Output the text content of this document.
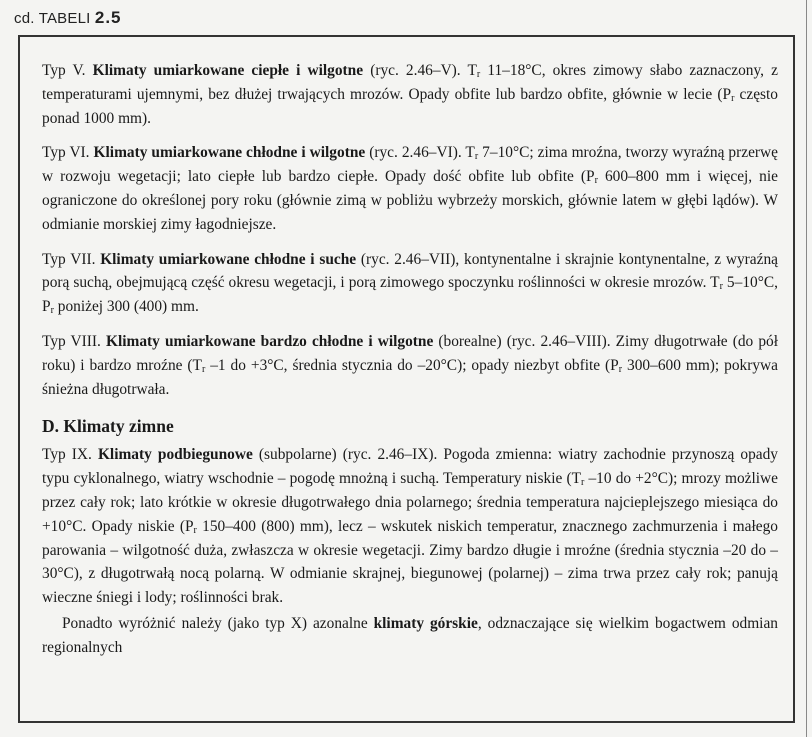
cd. TABELI 2.5

Typ V. Klimaty umiarkowane ciepłe i wilgotne (ryc. 2.46–V). $T_r$ 11–18°C, okres zimowy słabo zaznaczony, z temperaturami ujemnymi, bez dłużej trwających mrozów. Opady obfite lub bardzo obfite, głównie w lecie ($P_r$ często ponad 1000 mm).

Typ VI. Klimaty umiarkowane chłodne i wilgotne (ryc. 2.46–VI). $T_r$ 7–10°C; zima mroźna, tworzy wyraźną przerwę w rozwoju wegetacji; lato ciepłe lub bardzo ciepłe. Opady dość obfite lub obfite ($P_r$ 600–800 mm i więcej, nie ograniczone do określonej pory roku (głównie zimą w pobliżu wybrzeży morskich, głównie latem w głębi lądów). W odmianie morskiej zimy łagodniejsze.

Typ VII. Klimaty umiarkowane chłodne i suche (ryc. 2.46–VII), kontynentalne i skrajnie kontynentalne, z wyraźną porą suchą, obejmującą część okresu wegetacji, i porą zimowego spoczynku roślinności w okresie mrozów. $T_r$ 5–10°C, $P_r$ poniżej 300 (400) mm.

Typ VIII. Klimaty umiarkowane bardzo chłodne i wilgotne (borealne) (ryc. 2.46–VIII). Zimy długotrwałe (do pół roku) i bardzo mroźne ($T_r$ –1 do +3°C, średnia stycznia do –20°C); opady niezbyt obfite ($P_r$ 300–600 mm); pokrywa śnieżna długotrwała.

D. Klimaty zimne

Typ IX. Klimaty podbiegunowe (subpolarne) (ryc. 2.46–IX). Pogoda zmienna: wiatry zachodnie przynoszą opady typu cyklonalnego, wiatry wschodnie – pogodę mnożną i suchą. Temperatury niskie ($T_r$ –10 do +2°C); mrozy możliwe przez cały rok; lato krótkie w okresie długotrwałego dnia polarnego; średnia temperatura najcieplejszego miesiąca do +10°C. Opady niskie ($P_r$ 150–400 (800) mm), lecz – wskutek niskich temperatur, znacznego zachmurzenia i małego parowania – wilgotność duża, zwłaszcza w okresie wegetacji. Zimy bardzo długie i mroźne (średnia stycznia –20 do –30°C), z długotrwałą nocą polarną. W odmianie skrajnej, biegunowej (polarnej) – zima trwa przez cały rok; panują wieczne śniegi i lody; roślinności brak.

Ponadto wyróżnić należy (jako typ X) azonalne klimaty górskie, odznaczające się wielkim bogactwem odmian regionalnych
